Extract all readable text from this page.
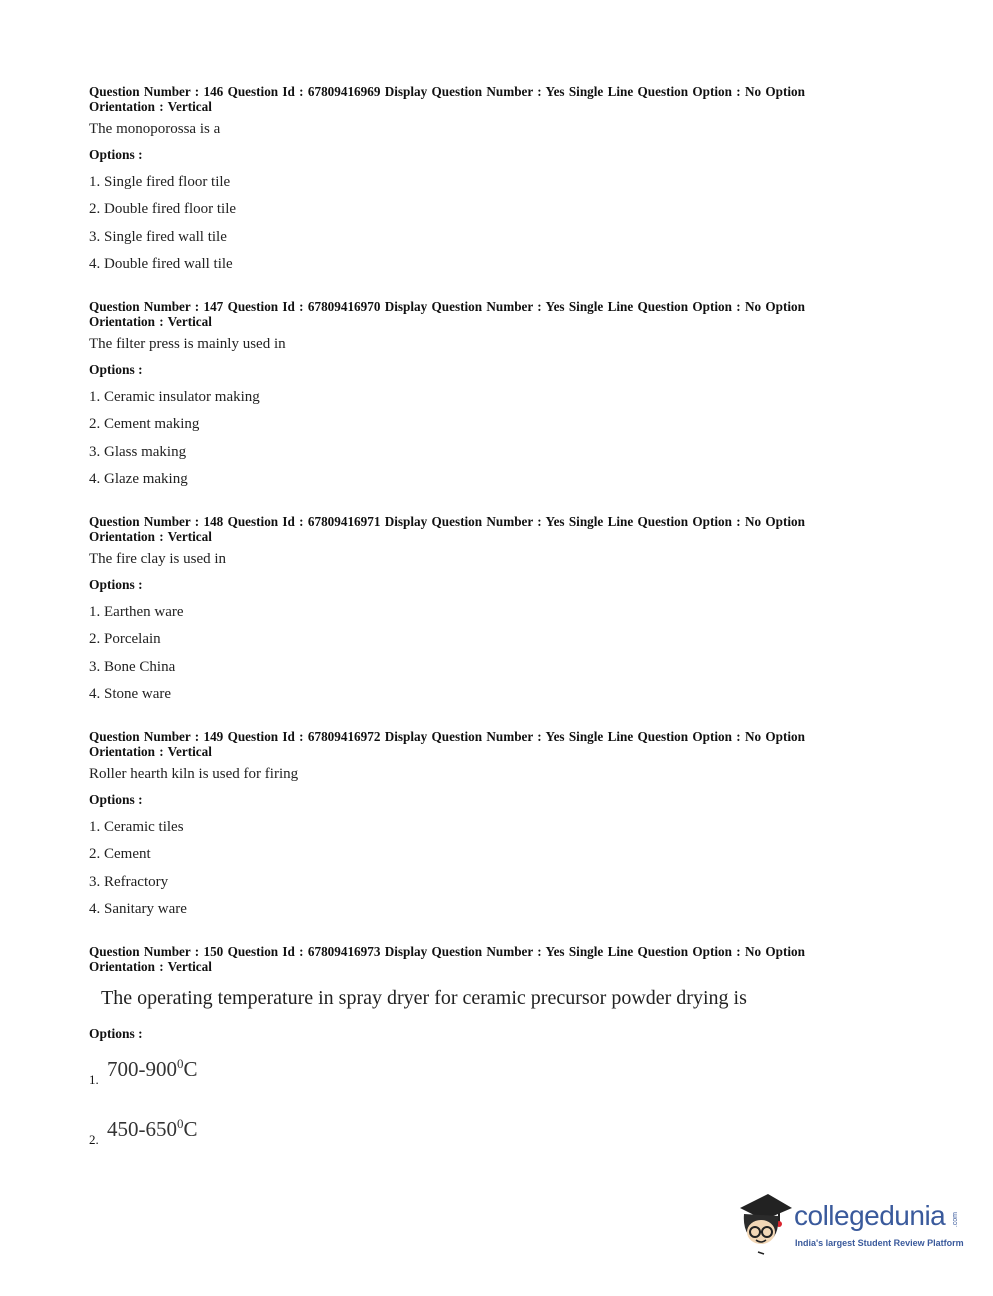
Question Number : 146 Question Id : 67809416969 Display Question Number : Yes Single Line Question Option : No Option
Orientation : Vertical
The monoporossa is a
Options :
1. Single fired floor tile
2. Double fired floor tile
3. Single fired wall tile
4. Double fired wall tile
Question Number : 147 Question Id : 67809416970 Display Question Number : Yes Single Line Question Option : No Option
Orientation : Vertical
The filter press is mainly used in
Options :
1. Ceramic insulator making
2. Cement making
3. Glass making
4. Glaze making
Question Number : 148 Question Id : 67809416971 Display Question Number : Yes Single Line Question Option : No Option
Orientation : Vertical
The fire clay is used in
Options :
1. Earthen ware
2. Porcelain
3. Bone China
4. Stone ware
Question Number : 149 Question Id : 67809416972 Display Question Number : Yes Single Line Question Option : No Option
Orientation : Vertical
Roller hearth kiln is used for firing
Options :
1. Ceramic tiles
2. Cement
3. Refractory
4. Sanitary ware
Question Number : 150 Question Id : 67809416973 Display Question Number : Yes Single Line Question Option : No Option
Orientation : Vertical
The operating temperature in spray dryer for ceramic precursor powder drying is
Options :
1. $700-900^0C$
2. $450-650^0C$
collegedunia .com
India's largest Student Review Platform
